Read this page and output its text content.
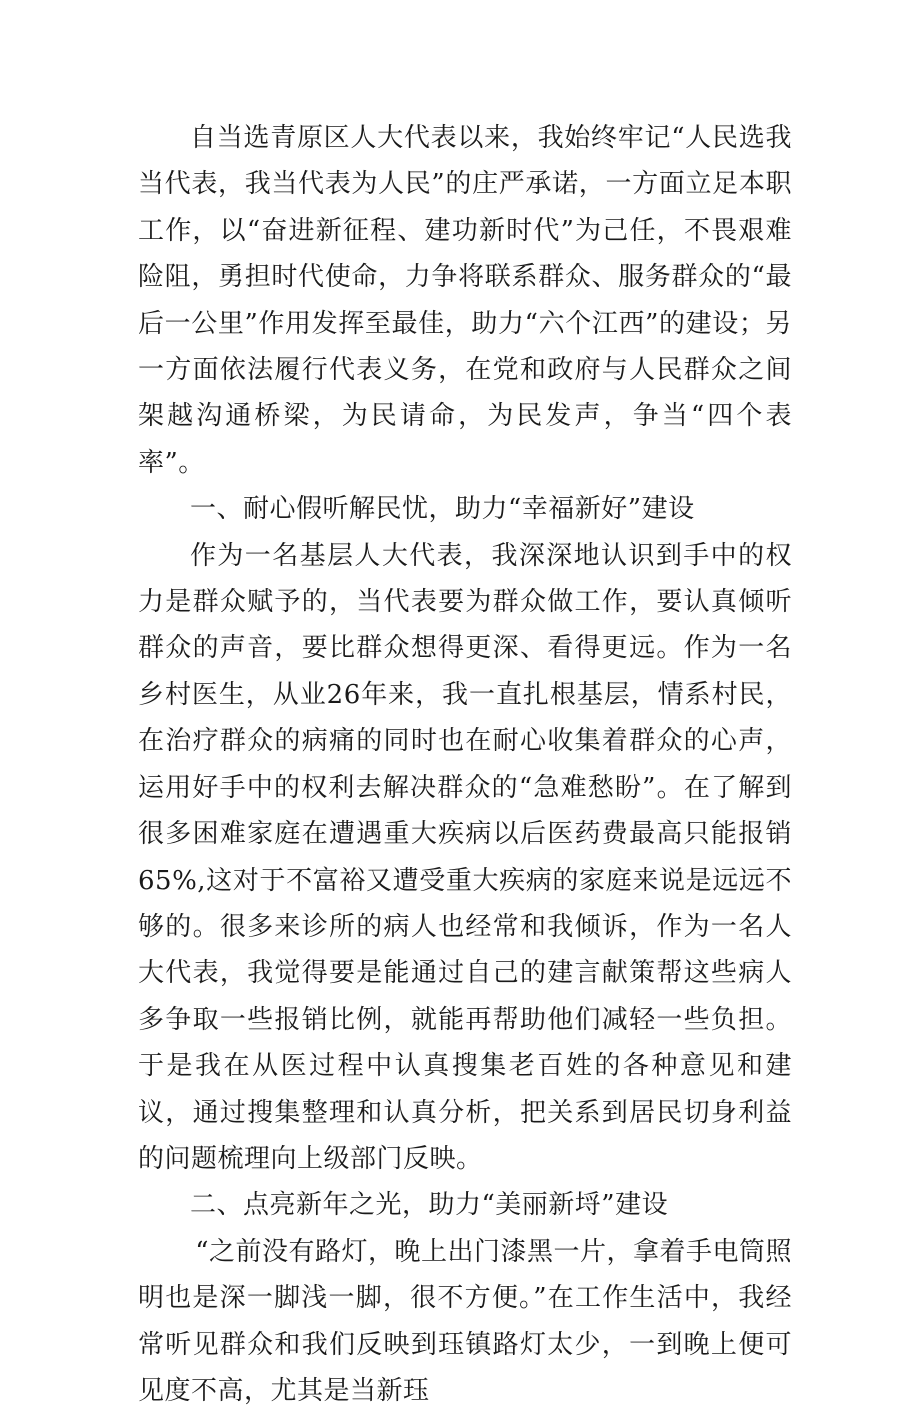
自当选青原区人大代表以来，我始终牢记“人民选我当代表，我当代表为人民”的庄严承诺，一方面立足本职工作，以“奋进新征程、建功新时代”为己任，不畏艰难险阻，勇担时代使命，力争将联系群众、服务群众的“最后一公里”作用发挥至最佳，助力“六个江西”的建设；另一方面依法履行代表义务，在党和政府与人民群众之间架越沟通桥梁，为民请命，为民发声，争当“四个表率”。

一、耐心假听解民忧，助力“幸福新好”建设

作为一名基层人大代表，我深深地认识到手中的权力是群众赋予的，当代表要为群众做工作，要认真倾听群众的声音，要比群众想得更深、看得更远。作为一名乡村医生，从业26年来，我一直扎根基层，情系村民，在治疗群众的病痛的同时也在耐心收集着群众的心声，运用好手中的权利去解决群众的“急难愁盼”。在了解到很多困难家庭在遭遇重大疾病以后医药费最高只能报销65%,这对于不富裕又遭受重大疾病的家庭来说是远远不够的。很多来诊所的病人也经常和我倾诉，作为一名人大代表，我觉得要是能通过自己的建言献策帮这些病人多争取一些报销比例，就能再帮助他们减轻一些负担。于是我在从医过程中认真搜集老百姓的各种意见和建议，通过搜集整理和认真分析，把关系到居民切身利益的问题梳理向上级部门反映。

二、点亮新年之光，助力“美丽新埒”建设

“之前没有路灯，晚上出门漆黑一片，拿着手电筒照明也是深一脚浅一脚，很不方便。”在工作生活中，我经常听见群众和我们反映到珏镇路灯太少，一到晚上便可见度不高，尤其是当新珏
